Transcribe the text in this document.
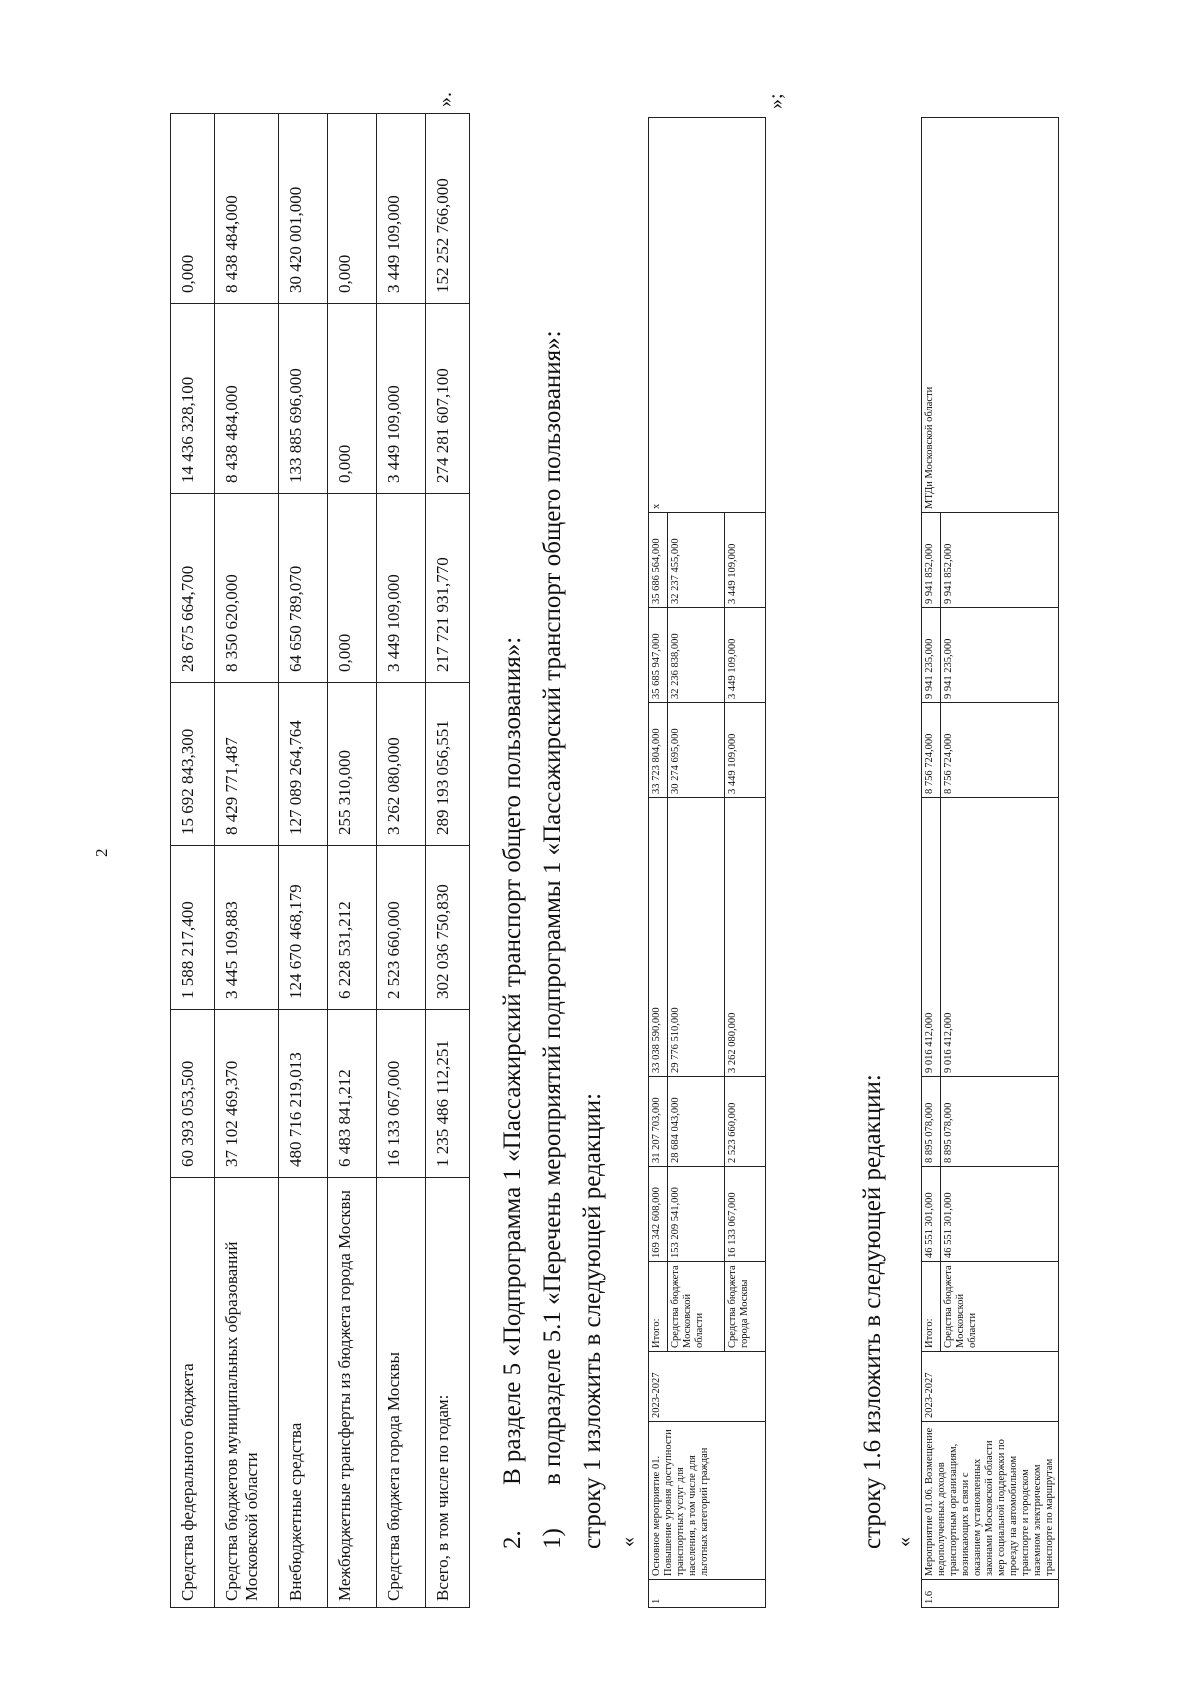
2
Средства федерального бюджета	60 393 053,500	1 588 217,400	15 692 843,300	28 675 664,700	14 436 328,100	0,000
Средства бюджетов муниципальных образований Московской области	37 102 469,370	3 445 109,883	8 429 771,487	8 350 620,000	8 438 484,000	8 438 484,000
Внебюджетные средства	480 716 219,013	124 670 468,179	127 089 264,764	64 650 789,070	133 885 696,000	30 420 001,000
Межбюджетные трансферты из бюджета города Москвы	6 483 841,212	6 228 531,212	255 310,000	0,000	0,000	0,000
Средства бюджета города Москвы	16 133 067,000	2 523 660,000	3 262 080,000	3 449 109,000	3 449 109,000	3 449 109,000
Всего, в том числе по годам:	1 235 486 112,251	302 036 750,830	289 193 056,551	217 721 931,770	274 281 607,100	152 252 766,000
».
2.
В разделе 5 «Подпрограмма 1 «Пассажирский транспорт общего пользования»:
1)
в подразделе 5.1 «Перечень мероприятий подпрограммы 1 «Пассажирский транспорт общего пользования»: строку 1 изложить в следующей редакции: «
1	Основное мероприятие 01. Повышение уровня доступности транспортных услуг для населения, в том числе для льготных категорий граждан	2023-2027	Итого:	169 342 608,000	31 207 703,000	33 038 590,000	33 723 804,000	35 685 947,000	35 686 564,000	х
			Средства бюджета Московской области	153 209 541,000	28 684 043,000	29 776 510,000	30 274 695,000	32 236 838,000	32 237 455,000	
			Средства бюджета города Москвы	16 133 067,000	2 523 660,000	3 262 080,000	3 449 109,000	3 449 109,000	3 449 109,000	
»;
строку 1.6 изложить в следующей редакции: «
1.6	Мероприятие 01.06. Возмещение недополученных доходов транспортным организациям, возникающих в связи с оказанием установленных законами Московской области мер социальной поддержки по проезду на автомобильном транспорте и городском наземном электрическом транспорте по маршрутам	2023-2027	Итого:	46 551 301,000	8 895 078,000	9 016 412,000	8 756 724,000	9 941 235,000	9 941 852,000	МТДи Московской области
			Средства бюджета Московской области	46 551 301,000	8 895 078,000	9 016 412,000	8 756 724,000	9 941 235,000	9 941 852,000	
